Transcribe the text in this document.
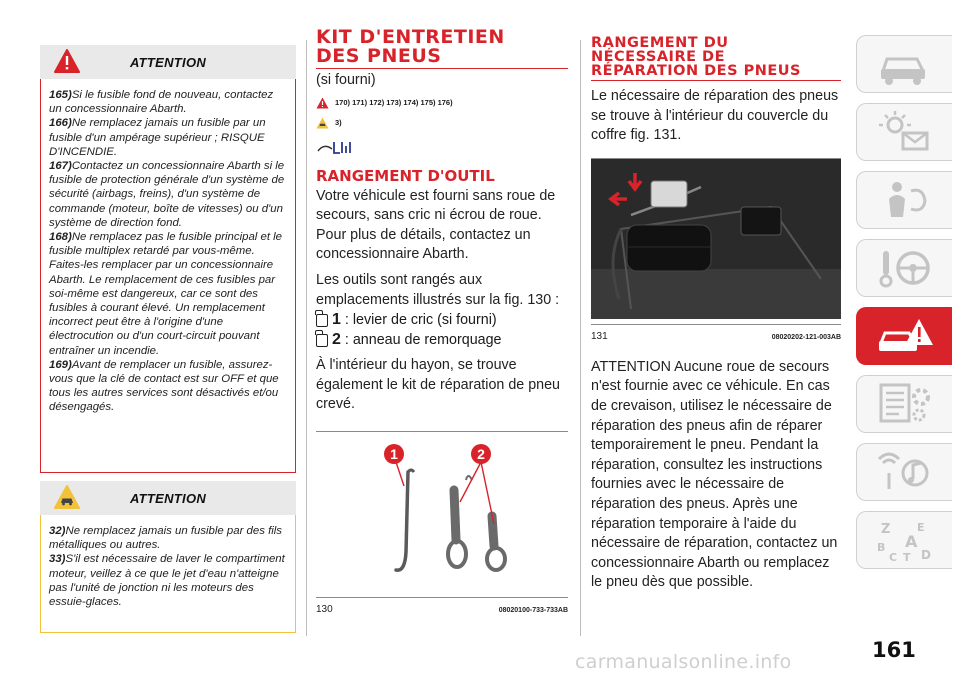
ATTENTION

165)Si le fusible fond de nouveau, contactez un concessionnaire Abarth.

166)Ne remplacez jamais un fusible par un fusible d'un ampérage supérieur ; RISQUE D'INCENDIE.

167)Contactez un concessionnaire Abarth si le fusible de protection générale d'un système de sécurité (airbags, freins), d'un système de commande (moteur, boîte de vitesses) ou d'un système de direction fond.

168)Ne remplacez pas le fusible principal et le fusible multiplex retardé par vous-même. Faites-les remplacer par un concessionnaire Abarth. Le remplacement de ces fusibles par soi-même est dangereux, car ce sont des fusibles à courant élevé. Un remplacement incorrect peut être à l'origine d'une électrocution ou d'un court-circuit pouvant entraîner un incendie.

169)Avant de remplacer un fusible, assurez-vous que la clé de contact est sur OFF et que tous les autres services sont désactivés et/ou désengagés.

ATTENTION

32)Ne remplacez jamais un fusible par des fils métalliques ou autres.

33)S'il est nécessaire de laver le compartiment moteur, veillez à ce que le jet d'eau n'atteigne pas l'unité de jonction ni les moteurs des essuie-glaces.

KIT D'ENTRETIEN
DES PNEUS
(si fourni)
170) 171) 172) 173) 174) 175) 176)
3)
RANGEMENT D'OUTIL
Votre véhicule est fourni sans roue de secours, sans cric ni écrou de roue. Pour plus de détails, contactez un concessionnaire Abarth.
Les outils sont rangés aux emplacements illustrés sur la fig. 130 :
1 : levier de cric (si fourni)
2 : anneau de remorquage
À l'intérieur du hayon, se trouve également le kit de réparation de pneu crevé.
1	2
130	08020100-733-733AB
RANGEMENT DU
NÉCESSAIRE DE
RÉPARATION DES PNEUS
Le nécessaire de réparation des pneus se trouve à l'intérieur du couvercle du coffre fig. 131.
131	08020202-121-003AB
ATTENTION Aucune roue de secours n'est fournie avec ce véhicule. En cas de crevaison, utilisez le nécessaire de réparation des pneus afin de réparer temporairement le pneu. Pendant la réparation, consultez les instructions fournies avec le nécessaire de réparation des pneus. Après une réparation temporaire à l'aide du nécessaire de réparation, contactez un concessionnaire Abarth ou remplacez le pneu dès que possible.
Z E
B A
C T D
161
carmanualsonline.info
